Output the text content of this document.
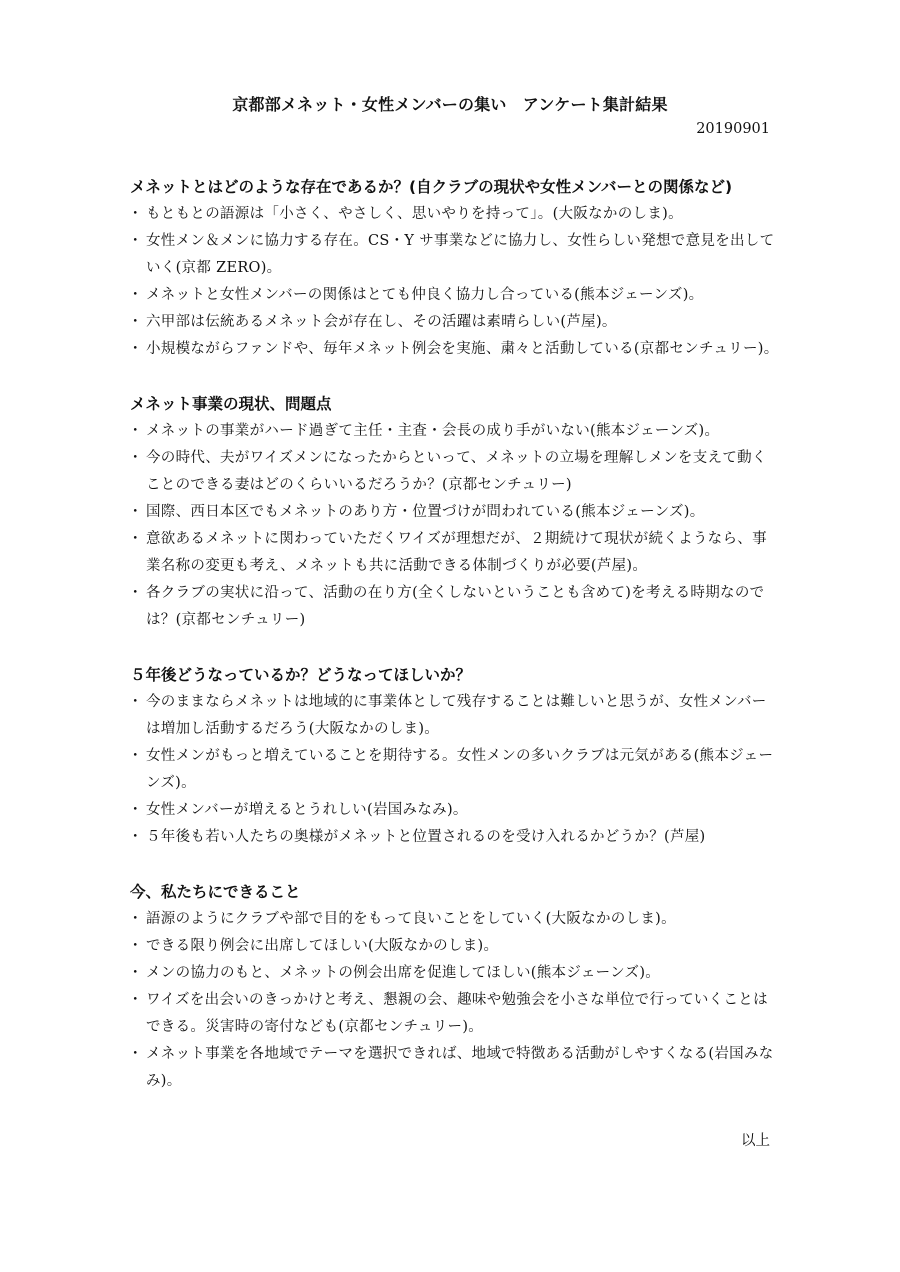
京都部メネット・女性メンバーの集い　アンケート集計結果
20190901
メネットとはどのような存在であるか？(自クラブの現状や女性メンバーとの関係など)
・ もともとの語源は「小さく、やさしく、思いやりを持って」。(大阪なかのしま)。
・ 女性メン＆メンに協力する存在。CS・Y サ事業などに協力し、女性らしい発想で意見を出していく(京都 ZERO)。
・ メネットと女性メンバーの関係はとても仲良く協力し合っている(熊本ジェーンズ)。
・ 六甲部は伝統あるメネット会が存在し、その活躍は素晴らしい(芦屋)。
・ 小規模ながらファンドや、毎年メネット例会を実施、粛々と活動している(京都センチュリー)。
メネット事業の現状、問題点
・ メネットの事業がハード過ぎて主任・主査・会長の成り手がいない(熊本ジェーンズ)。
・ 今の時代、夫がワイズメンになったからといって、メネットの立場を理解しメンを支えて動くことのできる妻はどのくらいいるだろうか？(京都センチュリー)
・ 国際、西日本区でもメネットのあり方・位置づけが問われている(熊本ジェーンズ)。
・ 意欲あるメネットに関わっていただくワイズが理想だが、２期続けて現状が続くようなら、事業名称の変更も考え、メネットも共に活動できる体制づくりが必要(芦屋)。
・ 各クラブの実状に沿って、活動の在り方(全くしないということも含めて)を考える時期なのでは？(京都センチュリー)
５年後どうなっているか？どうなってほしいか？
・ 今のままならメネットは地域的に事業体として残存することは難しいと思うが、女性メンバーは増加し活動するだろう(大阪なかのしま)。
・ 女性メンがもっと増えていることを期待する。女性メンの多いクラブは元気がある(熊本ジェーンズ)。
・ 女性メンバーが増えるとうれしい(岩国みなみ)。
・ ５年後も若い人たちの奥様がメネットと位置されるのを受け入れるかどうか？(芦屋)
今、私たちにできること
・ 語源のようにクラブや部で目的をもって良いことをしていく(大阪なかのしま)。
・ できる限り例会に出席してほしい(大阪なかのしま)。
・ メンの協力のもと、メネットの例会出席を促進してほしい(熊本ジェーンズ)。
・ ワイズを出会いのきっかけと考え、懇親の会、趣味や勉強会を小さな単位で行っていくことはできる。災害時の寄付なども(京都センチュリー)。
・ メネット事業を各地域でテーマを選択できれば、地域で特徴ある活動がしやすくなる(岩国みなみ)。
以上
